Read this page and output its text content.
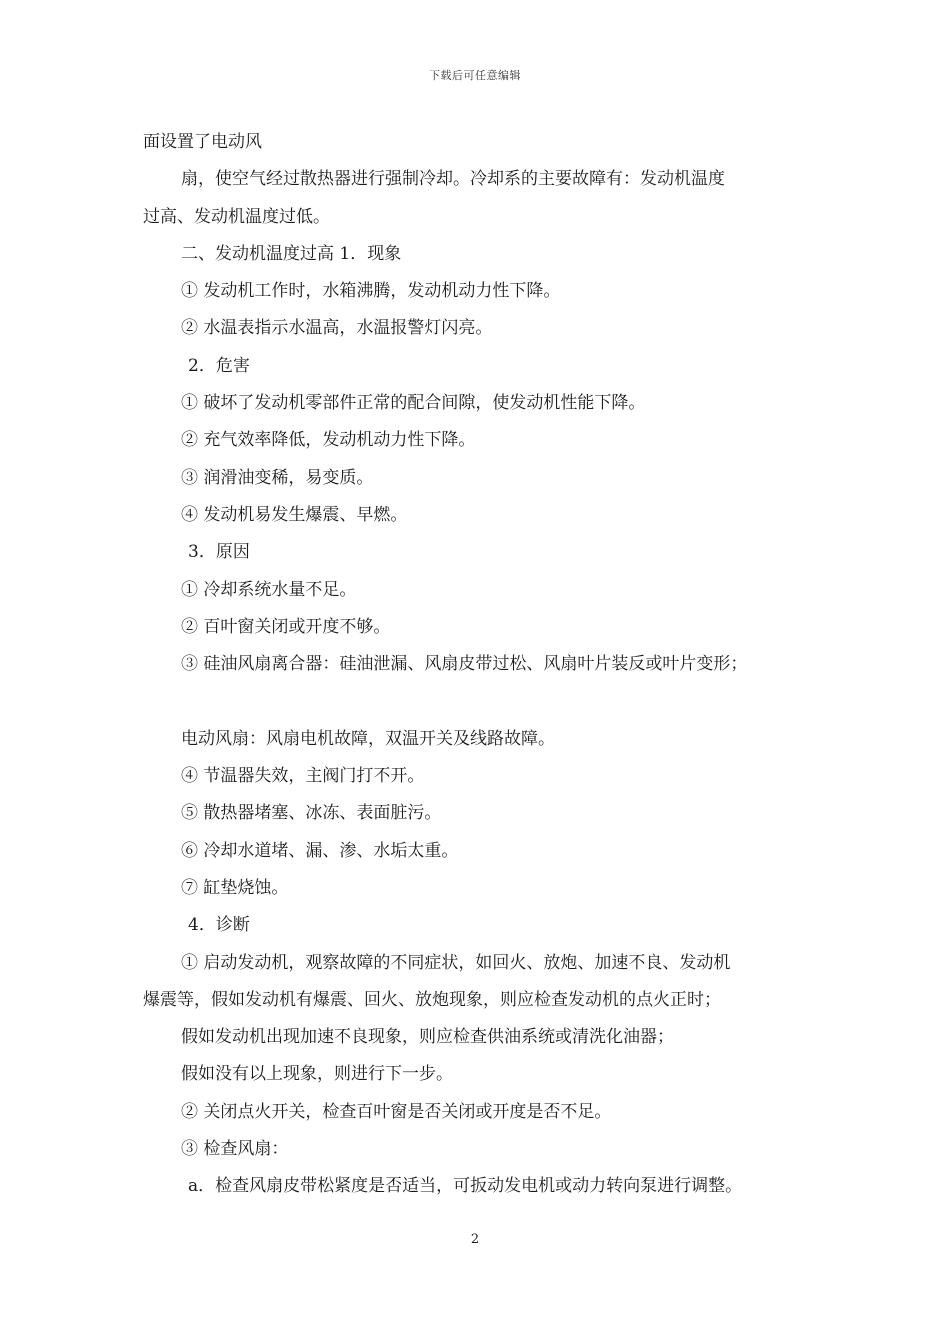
下载后可任意编辑
面设置了电动风
扇，使空气经过散热器进行强制冷却。冷却系的主要故障有：发动机温度
过高、发动机温度过低。
二、发动机温度过高 1．现象
① 发动机工作时，水箱沸腾，发动机动力性下降。
② 水温表指示水温高，水温报警灯闪亮。
2．危害
① 破坏了发动机零部件正常的配合间隙，使发动机性能下降。
② 充气效率降低，发动机动力性下降。
③ 润滑油变稀，易变质。
④ 发动机易发生爆震、早燃。
3．原因
① 冷却系统水量不足。
② 百叶窗关闭或开度不够。
③ 硅油风扇离合器：硅油泄漏、风扇皮带过松、风扇叶片装反或叶片变形；
电动风扇：风扇电机故障，双温开关及线路故障。
④ 节温器失效，主阀门打不开。
⑤ 散热器堵塞、冰冻、表面脏污。
⑥ 冷却水道堵、漏、渗、水垢太重。
⑦ 缸垫烧蚀。
4．诊断
① 启动发动机，观察故障的不同症状，如回火、放炮、加速不良、发动机
爆震等，假如发动机有爆震、回火、放炮现象，则应检查发动机的点火正时；
假如发动机出现加速不良现象，则应检查供油系统或清洗化油器；
假如没有以上现象，则进行下一步。
② 关闭点火开关，检查百叶窗是否关闭或开度是否不足。
③ 检查风扇：
a．检查风扇皮带松紧度是否适当，可扳动发电机或动力转向泵进行调整。
2
